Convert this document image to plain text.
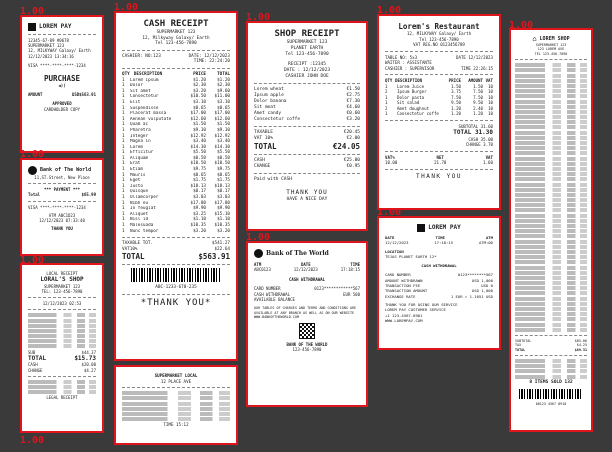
1.00
LOREM PAY
12345-67-89 #0678
SUPERMARKET 123
12, MILKYWAY Galaxy/ Earth
12/12/2023 13:34:16
VISA ****-****-****-1234
PURCHASE
◀))
AMOUNT	USD$563.91
APPROVED
CARDHOLDER COPY
1.00
Bank of The World
11,ST.Street, New Place
*** PAYMENT ***
Total	$65.99
VISA ****-****-****-1234
ATM ABC1D23
12/12/2023 07:33:40
THANK YOU
1.00
LOCAL RECEIPT
LORAL'S SHOP
SUPERMARKET 123
TEL: 123-456-7890
12/12/2023 02:53
SUB	$44.37
TOTAL	$15.73
CASH	$20.00
CHANGE	$4.27
LEGAL RECEIPT
1.00
CASH RECEIPT
SUPERMARKET 123
12, Milkyway Galaxy/ Earth
Tel 123-456-7890
CASHIER: NO:123	DATE: 12/12/2023
TIME: 22:24:20
QTY DESCRIPTION	PRICE	TOTAL
1	Lorem ipsum	$1.20	$1.20
1	Dolor	$2.30	$2.30
1	Sit amet	$3.20	$9.60
1	Consectetur	$10.50	$11.00
1	Elit	$3.10	$3.10
1	Suspendisse	$8.65	$8.65
1	Placerat massa	$17.00	$17.00
1	Aenean vulputate	$12.60	$12.60
1	Quam ac	$1.50	$1.50
1	Pharetra	$9.10	$9.10
1	Integer	$12.92	$12.92
1	Magna in	$3.40	$3.40
1	Lorem	$14.30	$14.30
1	Efficitur	$5.50	$5.50
1	Aliquam	$0.50	$0.50
1	Erat	$10.50	$10.50
1	Etiam	$9.75	$9.75
1	Mauris	$0.65	$0.65
1	Eget	$1.75	$1.75
1	Justo	$10.13	$10.13
1	Quisque	$0.17	$0.17
1	Ullamcorper	$3.03	$3.03
1	Nibh eu	$17.80	$17.80
1	In feugiat	$9.90	$9.90
1	Aliquet	$3.25	$15.10
1	Nisl id	$1.10	$1.10
1	Malesuada	$10.35	$10.35
1	Nunc tempor	$3.20	$3.20
TAXABLE TOT.	$541.27
VAT10%	$22.64
TOTAL	$563.91
ABC-1233-678-235
*THANK YOU*
1.00
SHOP RECEIPT
SUPERMARKET 123
PLANET EARTH
Tel 123-456-7890
RECEIPT :12345
DATE : 12/12/2023
CASHIER JOHN DOE
Lorem wheat	€1.50
Ipsum apple	€2.75
Dolor banana	€7.30
Sit meat	€4.60
Amet candy	€0.60
Consectetur coffe	€3.20
TAXABLE	€20.45
VAT 10%	€2.00
TOTAL	€24.05
CASH	€25.00
CHANGE	€0.95
Paid with CASH
THANK YOU
HAVE A NICE DAY
1.00
Bank of The World
ATM	DATE	TIME
ABC0123	12/12/2023	17:18:15
CASH WITHDRAWAL
CARD NUMBER	0123************567
CASH WITHDRAWAL	EUR 500
AVAILABLE BALANCE
OUR TABLES OF CHARGES AND TERMS AND CONDITIONS ARE AVAILABLE AT ANY BRANCH AS WELL AS ON OUR WEBSITE WWW.BANKOFTHEWORLD.COM
BANK OF THE WORLD
123-456-7890
1.00
Lorem's Restaurant
12, MILKYWAY Galaxy/ Earth
Tel 123-456-7890
VAT REG.NO 0123456789
TABLE NO: 5x3	DATE 12/12/2023
WAITER : ASSISTANTE
CASHIER : SUPERVISOR	TIME 22:26:15
QTY DESCRIPTION	PRICE	AMOUNT VAT
1	Lorem Juice	1.50	1.50	10
2	Ipsum Burger	3.75	7.50	10
1	Dolor pasta	7.50	7.50	10
1	Sit salad	9.50	9.50	10
2	Amet doughnut	1.20	2.40	10
1	Consectetur coffe	1.20	1.20	10
SUBTOTAL 31.60
TOTAL 31.30
CASH 35.00
CHANGE 3.70
VAT%	NET	VAT
10.00	21.70	1.60
THANK YOU
1.00
LOREM PAY
DATE	TIME	ATM
12/12/2023	17:18:15	ATM:0D
LOCATION
TEJAS PLANET EARTH 12*
CASH WITHDRAWAL
CARD NUMBER	0123********567
AMOUNT WITHDRAWN	USD 1,000
TRANSACTION FEE	USD 0
TRANSACTION AMOUNT	USD 1,000
EXCHANGE RATE	1 EUR = 1.1051 USD
THANK YOU FOR USING OUR SERVICE
LOREM PAY CUSTOMER SERVICE
+1 123-4567-8901
WWW.LOREMPAY.COM
1.00
⌂ LOREM SHOP
SUPERMARKET 123
123 LOREM AVE
TEL 123-456-7890
SUBTOTAL	$85.06
TAX	$4.25
TOTAL	$89.31
8 ITEMS SOLD 132
00123 4567 8910
1.00
SUPERMARKET LOCAL
12 PLACE AVE
TIME 15:12
